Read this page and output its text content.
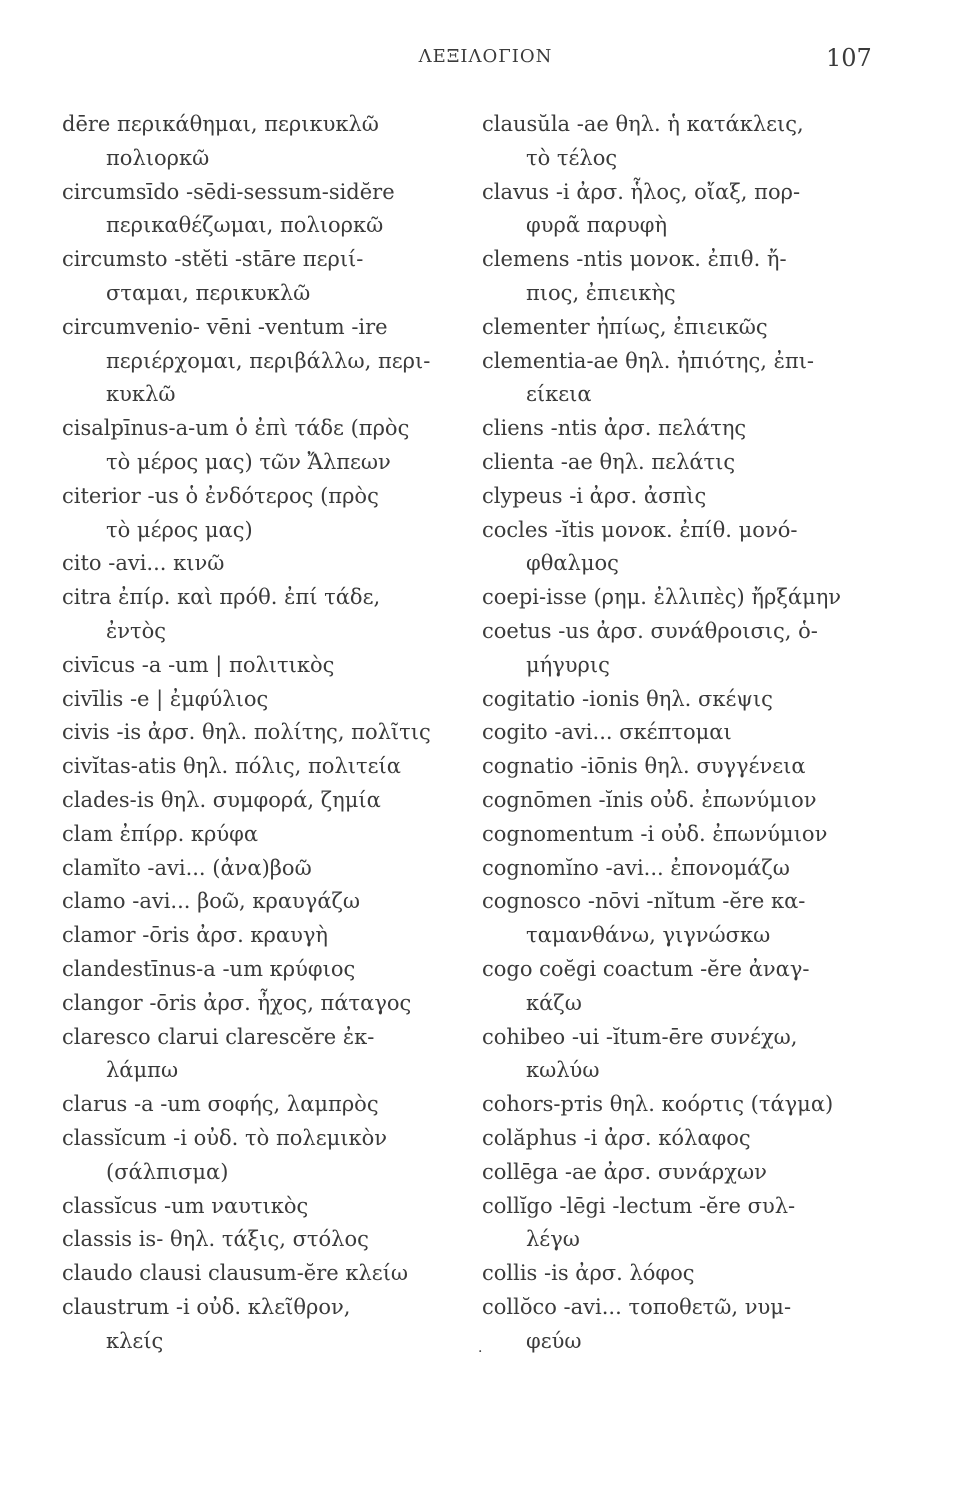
ΛΕΞΙΛΟΓΙΟΝ	107
dēre περικάθημαι, περικυκλῶ
πολιορκῶ
circumsīdo -sēdi-sessum-sidĕre
περικαθέζωμαι, πολιορκῶ
circumsto -stĕti -stāre περιί-
σταμαι, περικυκλῶ
circumvenio- vēni -ventum -ire
περιέρχομαι, περιβάλλω, περι-
κυκλῶ
cisalpīnus-a-um ὁ ἐπὶ τάδε (πρὸς
τὸ μέρος μας) τῶν Ἄλπεων
citerior -us ὁ ἐνδότερος (πρὸς
τὸ μέρος μας)
cito -avi... κινῶ
citra ἐπίρ. καὶ πρόθ. ἐπί τάδε,
ἐντὸς
civīcus -a -um | πολιτικὸς
civīlis -e | ἐμφύλιος
civis -is ἀρσ. θηλ. πολίτης, πολῖτις
civĭtas-atis θηλ. πόλις, πολιτεία
clades-is θηλ. συμφορά, ζημία
clam ἐπίρρ. κρύφα
clamĭto -avi... (ἀνα)βοῶ
clamo -avi... βοῶ, κραυγάζω
clamor -ōris ἀρσ. κραυγὴ
clandestīnus-a -um κρύφιος
clangor -ōris ἀρσ. ἦχος, πάταγος
claresco clarui clarescĕre ἐκ-
λάμπω
clarus -a -um σοφής, λαμπρὸς
classĭcum -i οὐδ. τὸ πολεμικὸν
(σάλπισμα)
classĭcus -um ναυτικὸς
classis is- θηλ. τάξις, στόλος
claudo clausi clausum-ĕre κλείω
claustrum -i οὐδ. κλεῖθρον,
κλείς
clausŭla -ae θηλ. ἡ κατάκλεις,
τὸ τέλος
clavus -i ἀρσ. ἧλος, οἴαξ, πορ-
φυρᾶ παρυφὴ
clemens -ntis μονοκ. ἐπιθ. ἤ-
πιος, ἐπιεικὴς
clementer ἠπίως, ἐπιεικῶς
clementia-ae θηλ. ἠπιότης, ἐπι-
είκεια
cliens -ntis ἀρσ. πελάτης
clienta -ae θηλ. πελάτις
clypeus -i ἀρσ. ἀσπὶς
cocles -ĭtis μονοκ. ἐπίθ. μονό-
φθαλμος
coepi-isse (ρημ. ἐλλιπὲς) ἤρξάμην
coetus -us ἀρσ. συνάθροισις, ὁ-
μήγυρις
cogitatio -ionis θηλ. σκέψις
cogito -avi... σκέπτομαι
cognatio -iōnis θηλ. συγγένεια
cognōmen -ĭnis οὐδ. ἐπωνύμιον
cognomentum -i οὐδ. ἐπωνύμιον
cognomĭno -avi... ἐπονομάζω
cognosco -nōvi -nĭtum -ĕre κα-
ταμανθάνω, γιγνώσκω
cogo coĕgi coactum -ĕre ἀναγ-
κάζω
cohibeo -ui -ĭtum-ēre συνέχω,
κωλύω
cohors-ртis θηλ. κοόρτις (τάγμα)
colăphus -i ἀρσ. κόλαφος
collēga -ae ἀρσ. συνάρχων
collĭgo -lēgi -lectum -ĕre συλ-
λέγω
collis -is ἀρσ. λόφος
collŏco -avi... τοποθετῶ, νυμ-
φεύω
·
